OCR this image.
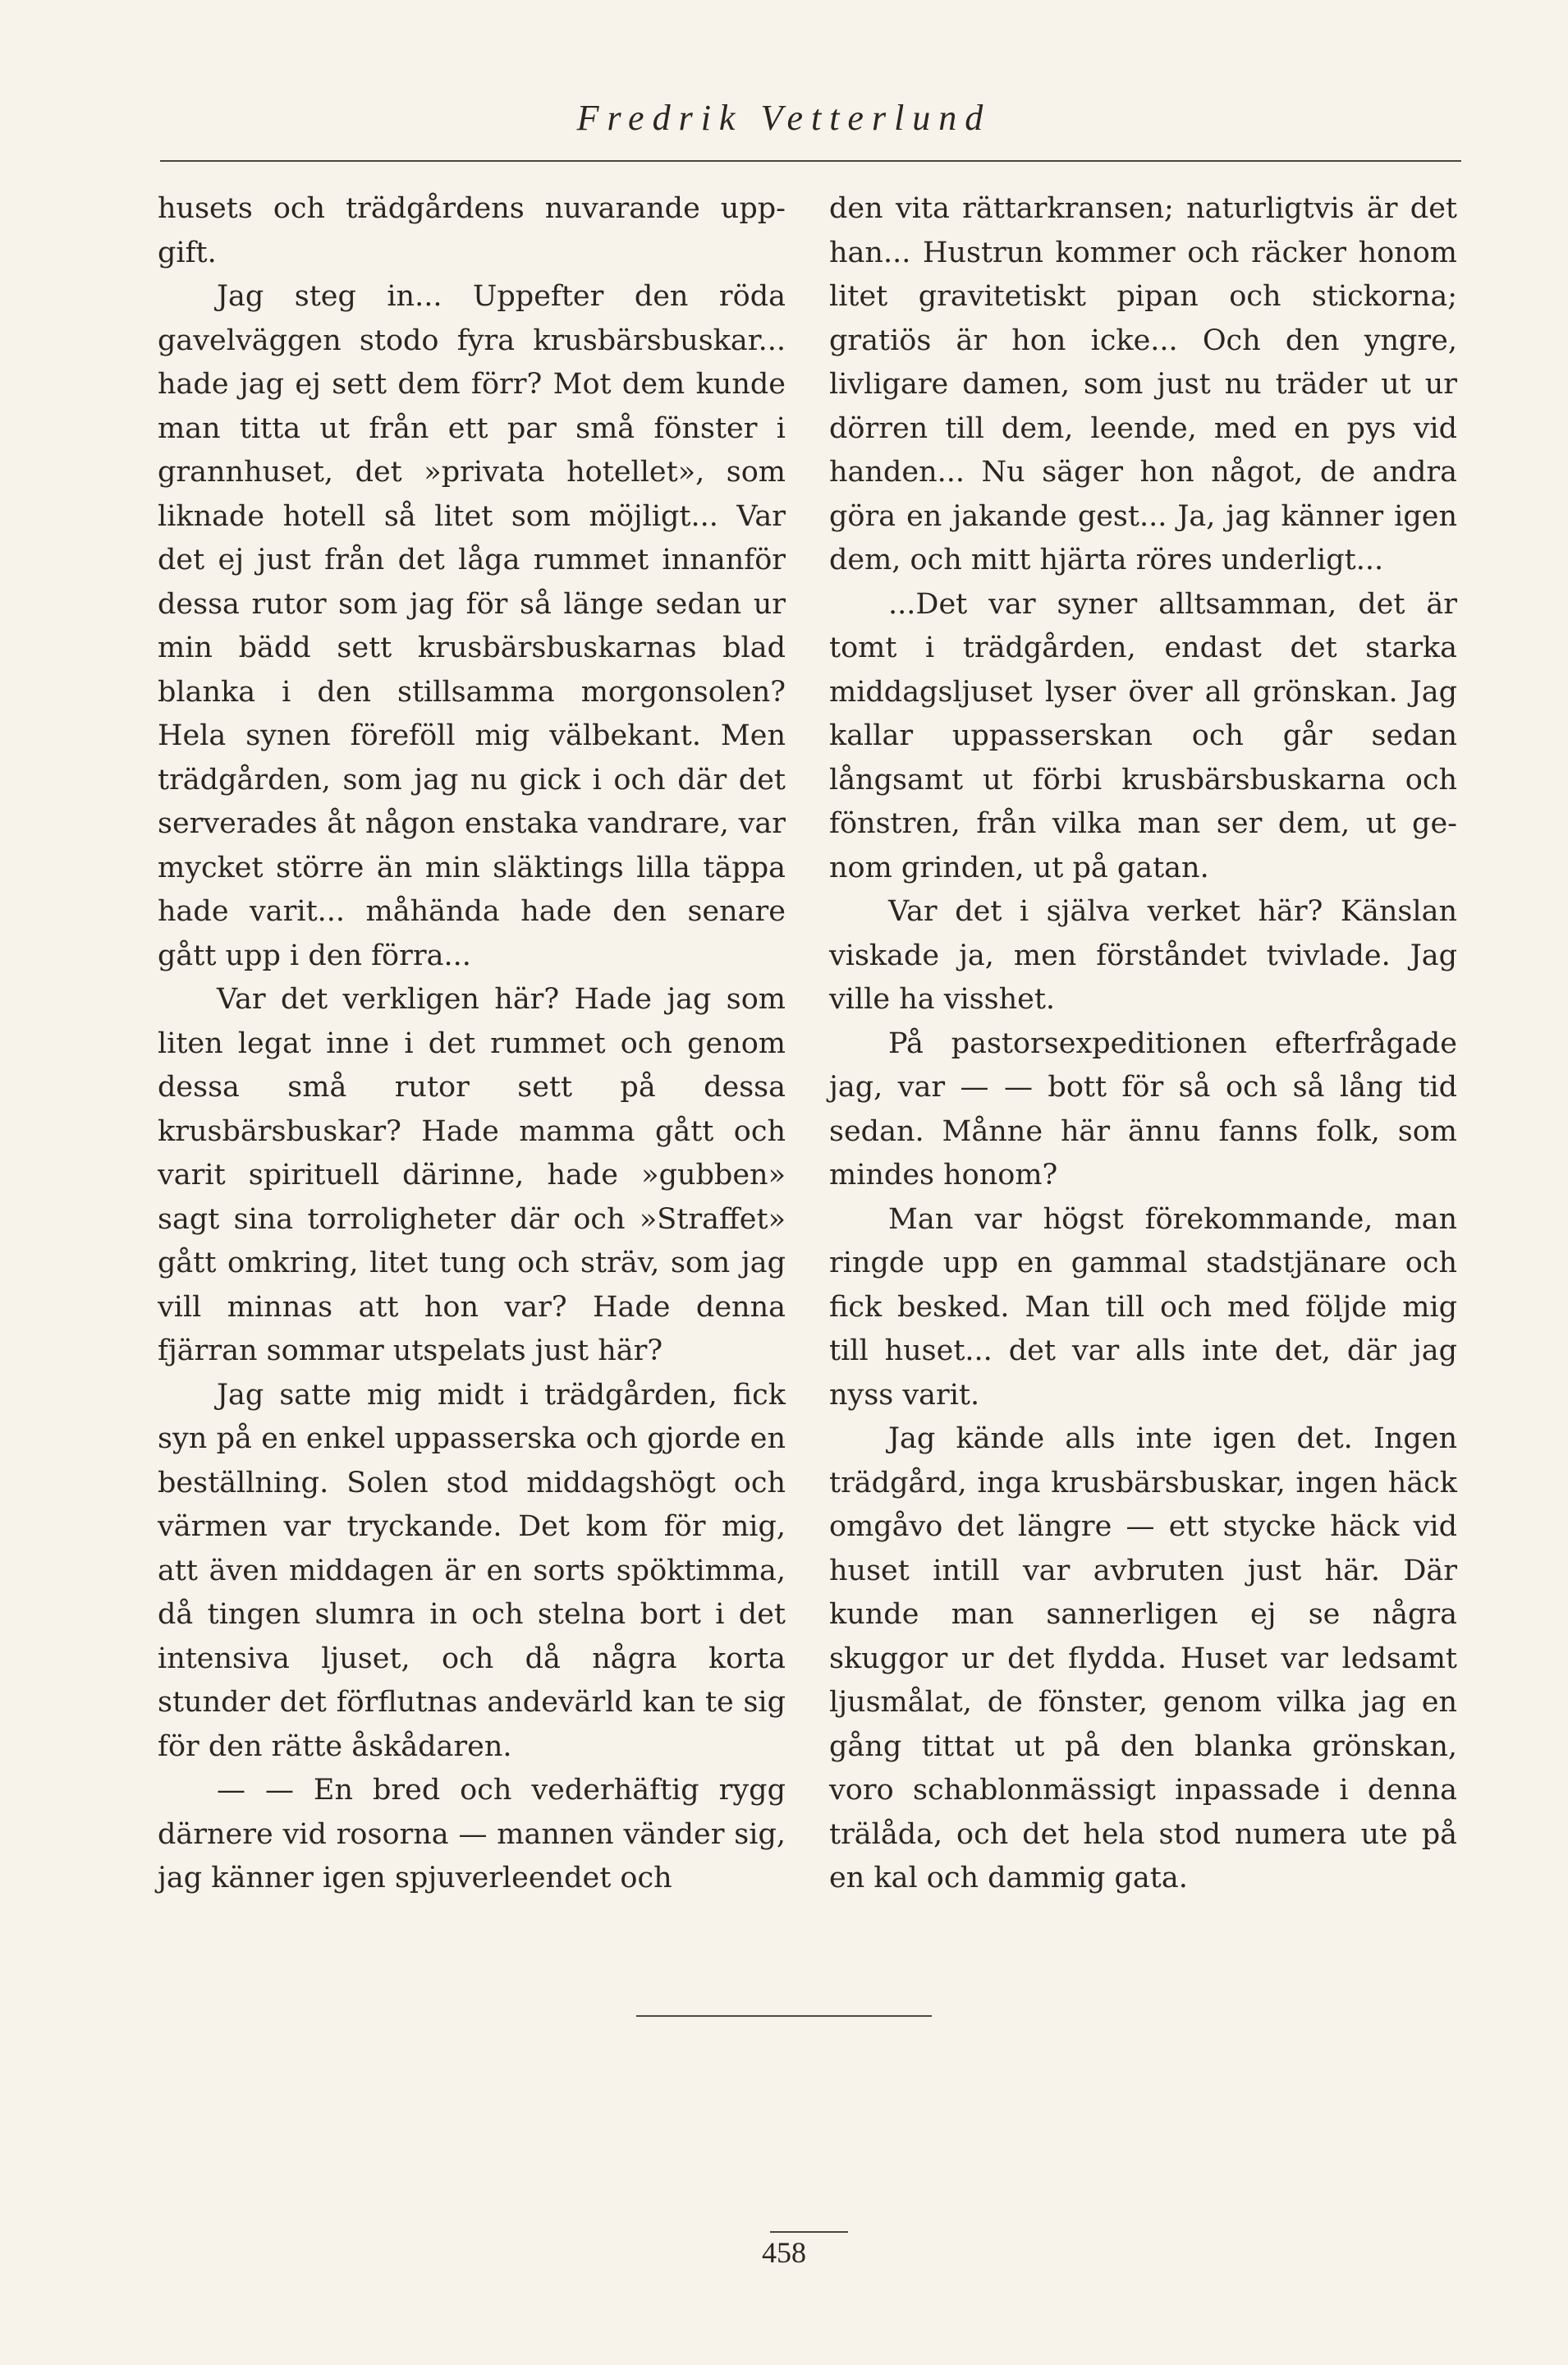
Fredrik Vetterlund

husets och trädgårdens nuvarande uppgift.

Jag steg in... Uppefter den röda gavelväggen stodo fyra krusbärsbuskar... hade jag ej sett dem förr? Mot dem kunde man titta ut från ett par små fönster i grannhuset, det »privata hotellet», som liknade hotell så litet som möjligt... Var det ej just från det låga rummet innanför dessa rutor som jag för så länge sedan ur min bädd sett krusbärsbuskarnas blad blanka i den stillsamma morgonsolen? Hela synen föreföll mig välbekant. Men trädgården, som jag nu gick i och där det serverades åt någon enstaka vandrare, var mycket större än min släktings lilla täppa hade varit... måhända hade den senare gått upp i den förra...

Var det verkligen här? Hade jag som liten legat inne i det rummet och genom dessa små rutor sett på dessa krusbärsbuskar? Hade mamma gått och varit spirituell därinne, hade »gubben» sagt sina torroligheter där och »Straffet» gått omkring, litet tung och sträv, som jag vill minnas att hon var? Hade denna fjärran sommar utspelats just här?

Jag satte mig midt i trädgården, fick syn på en enkel uppasserska och gjorde en beställning. Solen stod middagshögt och värmen var tryckande. Det kom för mig, att även middagen är en sorts spöktimma, då tingen slumra in och stelna bort i det intensiva ljuset, och då några korta stunder det förflutnas andevärld kan te sig för den rätte åskådaren.

— — En bred och vederhäftig rygg därnere vid rosorna — mannen vänder sig, jag känner igen spjuverleendet och

den vita rättarkransen; naturligtvis är det han... Hustrun kommer och räcker honom litet gravitetiskt pipan och stickorna; gratiös är hon icke... Och den yngre, livligare damen, som just nu träder ut ur dörren till dem, leende, med en pys vid handen... Nu säger hon något, de andra göra en jakande gest... Ja, jag känner igen dem, och mitt hjärta röres underligt...

...Det var syner alltsamman, det är tomt i trädgården, endast det starka middagsljuset lyser över all grönskan. Jag kallar uppasserskan och går sedan långsamt ut förbi krusbärsbuskarna och fönstren, från vilka man ser dem, ut genom grinden, ut på gatan.

Var det i själva verket här? Känslan viskade ja, men förståndet tvivlade. Jag ville ha visshet.

På pastorsexpeditionen efterfrågade jag, var — — bott för så och så lång tid sedan. Månne här ännu fanns folk, som mindes honom?

Man var högst förekommande, man ringde upp en gammal stadstjänare och fick besked. Man till och med följde mig till huset... det var alls inte det, där jag nyss varit.

Jag kände alls inte igen det. Ingen trädgård, inga krusbärsbuskar, ingen häck omgåvo det längre — ett stycke häck vid huset intill var avbruten just här. Där kunde man sannerligen ej se några skuggor ur det flydda. Huset var ledsamt ljusmålat, de fönster, genom vilka jag en gång tittat ut på den blanka grönskan, voro schablonmässigt inpassade i denna trälåda, och det hela stod numera ute på en kal och dammig gata.

458
